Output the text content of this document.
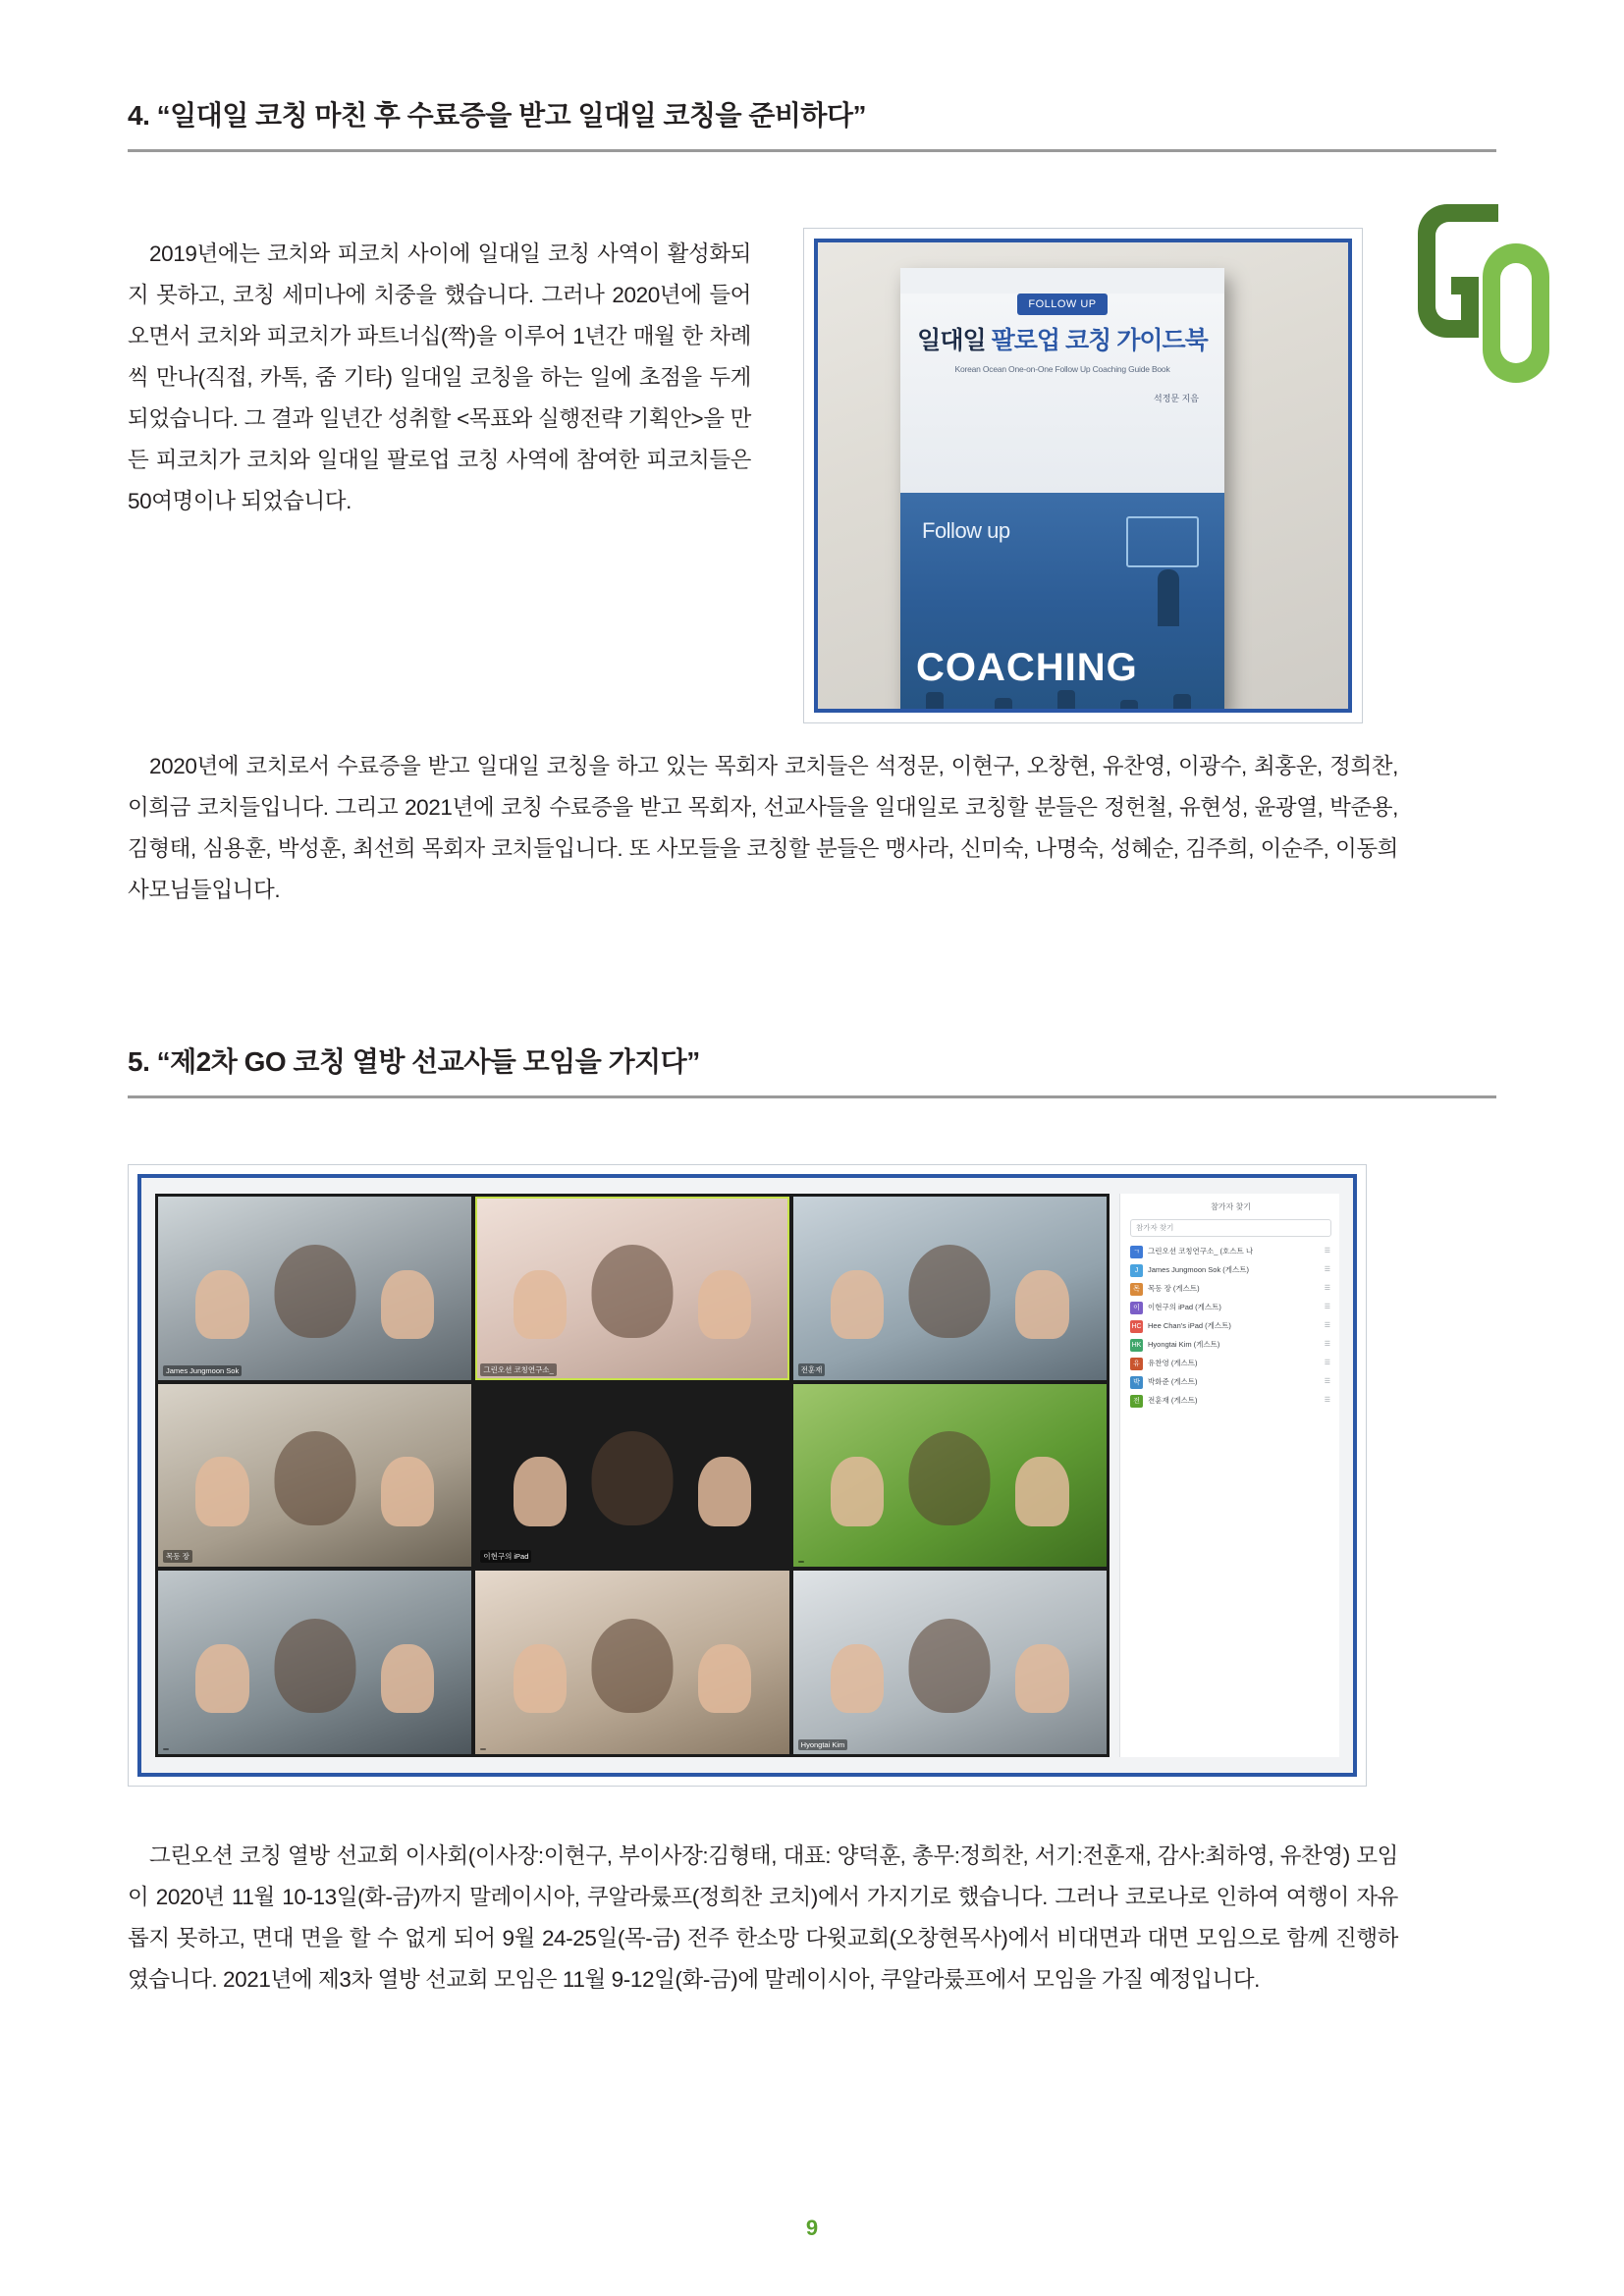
4. “일대일 코칭 마친 후 수료증을 받고 일대일 코칭을 준비하다”

2019년에는 코치와 피코치 사이에 일대일 코칭 사역이 활성화되지 못하고, 코칭 세미나에 치중을 했습니다. 그러나 2020년에 들어오면서 코치와 피코치가 파트너십(짝)을 이루어 1년간 매월 한 차례씩 만나(직접, 카톡, 줌 기타) 일대일 코칭을 하는 일에 초점을 두게 되었습니다. 그 결과 일년간 성취할 <목표와 실행전략 기획안>을 만든 피코치가 코치와 일대일 팔로업 코칭 사역에 참여한 피코치들은 50여명이나 되었습니다.

FOLLOW UP
일대일 팔로업 코칭 가이드북
Korean Ocean One-on-One Follow Up Coaching Guide Book
석정문 지음
Follow up
COACHING

2020년에 코치로서 수료증을 받고 일대일 코칭을 하고 있는 목회자 코치들은 석정문, 이현구, 오창현, 유찬영, 이광수, 최홍운, 정희찬, 이희금 코치들입니다. 그리고 2021년에 코칭 수료증을 받고 목회자, 선교사들을 일대일로 코칭할 분들은 정헌철, 유현성, 윤광열, 박준용, 김형태, 심용훈, 박성훈, 최선희 목회자 코치들입니다. 또 사모들을 코칭할 분들은 맹사라, 신미숙, 나명숙, 성혜순, 김주희, 이순주, 이동희 사모님들입니다.

5. “제2차 GO 코칭 열방 선교사들 모임을 가지다”
James Jungmoon Sok	그린오션 코칭연구소_	전훈재
목동 장	이현구의 iPad
Hyongtai Kim
참가자 찾기
참가자 찾기
ㄱ	그린오션 코칭연구소_ (호스트 나	☰
J	James Jungmoon Sok (게스트)	☰
목	목동 장 (게스트)	☰
이	이현구의 iPad (게스트)	☰
HC Hee Chan's iPad (게스트)	☰
HK Hyongtai Kim (게스트)	☰
유	유찬영 (게스트)	☰
박	박화준 (게스트)	☰
전	전훈재 (게스트)	☰

그린오션 코칭 열방 선교회 이사회(이사장:이현구, 부이사장:김형태, 대표: 양덕훈, 총무:정희찬, 서기:전훈재, 감사:최하영, 유찬영) 모임이 2020년 11월 10-13일(화-금)까지 말레이시아, 쿠알라룼프(정희찬 코치)에서 가지기로 했습니다. 그러나 코로나로 인하여 여행이 자유롭지 못하고, 면대 면을 할 수 없게 되어 9월 24-25일(목-금) 전주 한소망 다윗교회(오창현목사)에서 비대면과 대면 모임으로 함께 진행하였습니다. 2021년에 제3차 열방 선교회 모임은 11월 9-12일(화-금)에 말레이시아, 쿠알라룼프에서 모임을 가질 예정입니다.

9
